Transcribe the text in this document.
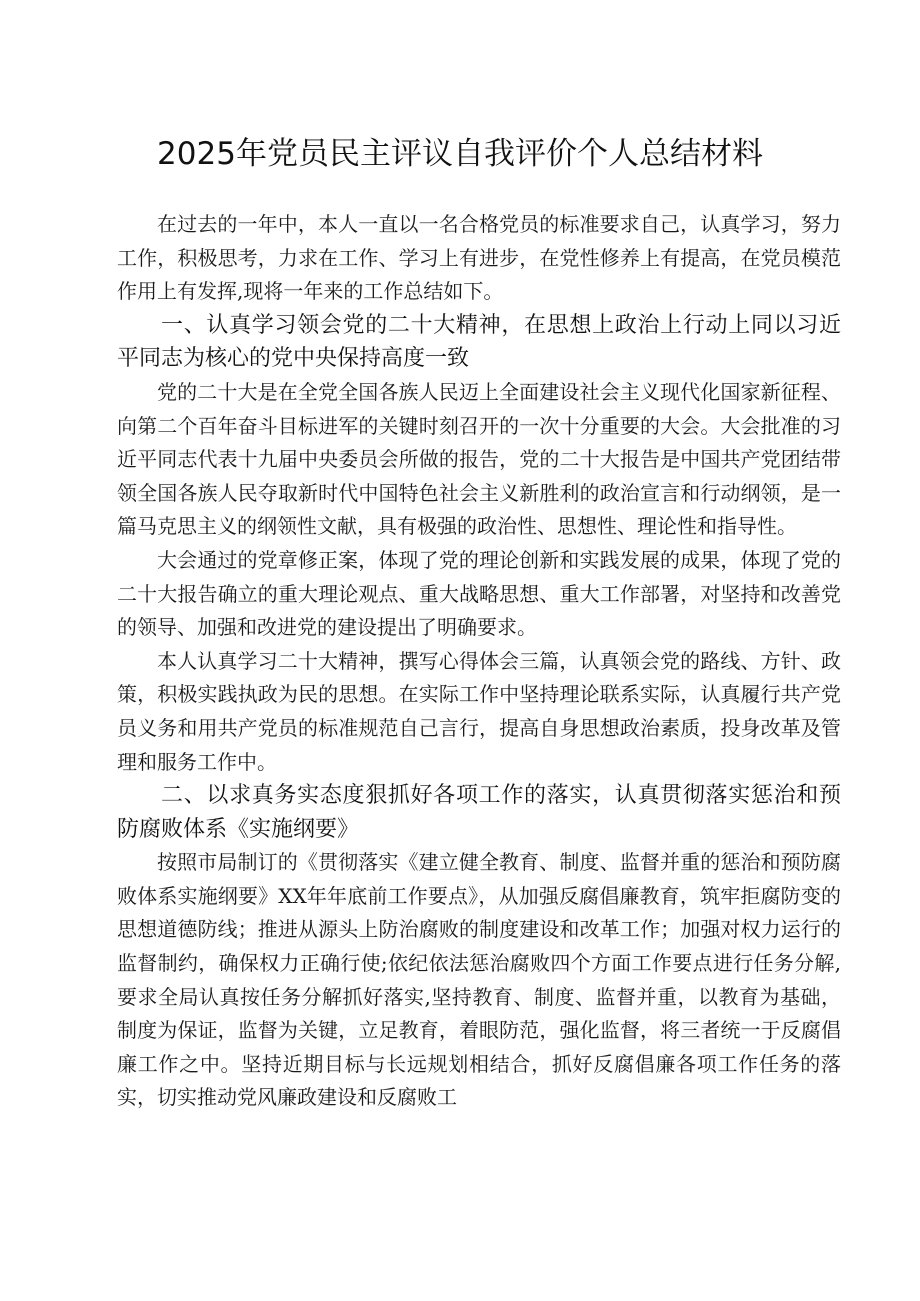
2025年党员民主评议自我评价个人总结材料

在过去的一年中，本人一直以一名合格党员的标准要求自己，认真学习，努力工作，积极思考，力求在工作、学习上有进步，在党性修养上有提高，在党员模范作用上有发挥,现将一年来的工作总结如下。

一、认真学习领会党的二十大精神，在思想上政治上行动上同以习近平同志为核心的党中央保持高度一致

党的二十大是在全党全国各族人民迈上全面建设社会主义现代化国家新征程、向第二个百年奋斗目标进军的关键时刻召开的一次十分重要的大会。大会批准的习近平同志代表十九届中央委员会所做的报告，党的二十大报告是中国共产党团结带领全国各族人民夺取新时代中国特色社会主义新胜利的政治宣言和行动纲领，是一篇马克思主义的纲领性文献，具有极强的政治性、思想性、理论性和指导性。

大会通过的党章修正案，体现了党的理论创新和实践发展的成果，体现了党的二十大报告确立的重大理论观点、重大战略思想、重大工作部署，对坚持和改善党的领导、加强和改进党的建设提出了明确要求。

本人认真学习二十大精神，撰写心得体会三篇，认真领会党的路线、方针、政策，积极实践执政为民的思想。在实际工作中坚持理论联系实际，认真履行共产党员义务和用共产党员的标准规范自己言行，提高自身思想政治素质，投身改革及管理和服务工作中。

二、以求真务实态度狠抓好各项工作的落实，认真贯彻落实惩治和预防腐败体系《实施纲要》

按照市局制订的《贯彻落实《建立健全教育、制度、监督并重的惩治和预防腐败体系实施纲要》XX年年底前工作要点》，从加强反腐倡廉教育，筑牢拒腐防变的思想道德防线；推进从源头上防治腐败的制度建设和改革工作；加强对权力运行的监督制约，确保权力正确行使;依纪依法惩治腐败四个方面工作要点进行任务分解,要求全局认真按任务分解抓好落实,坚持教育、制度、监督并重，以教育为基础，制度为保证，监督为关键，立足教育，着眼防范，强化监督，将三者统一于反腐倡廉工作之中。坚持近期目标与长远规划相结合，抓好反腐倡廉各项工作任务的落实，切实推动党风廉政建设和反腐败工
